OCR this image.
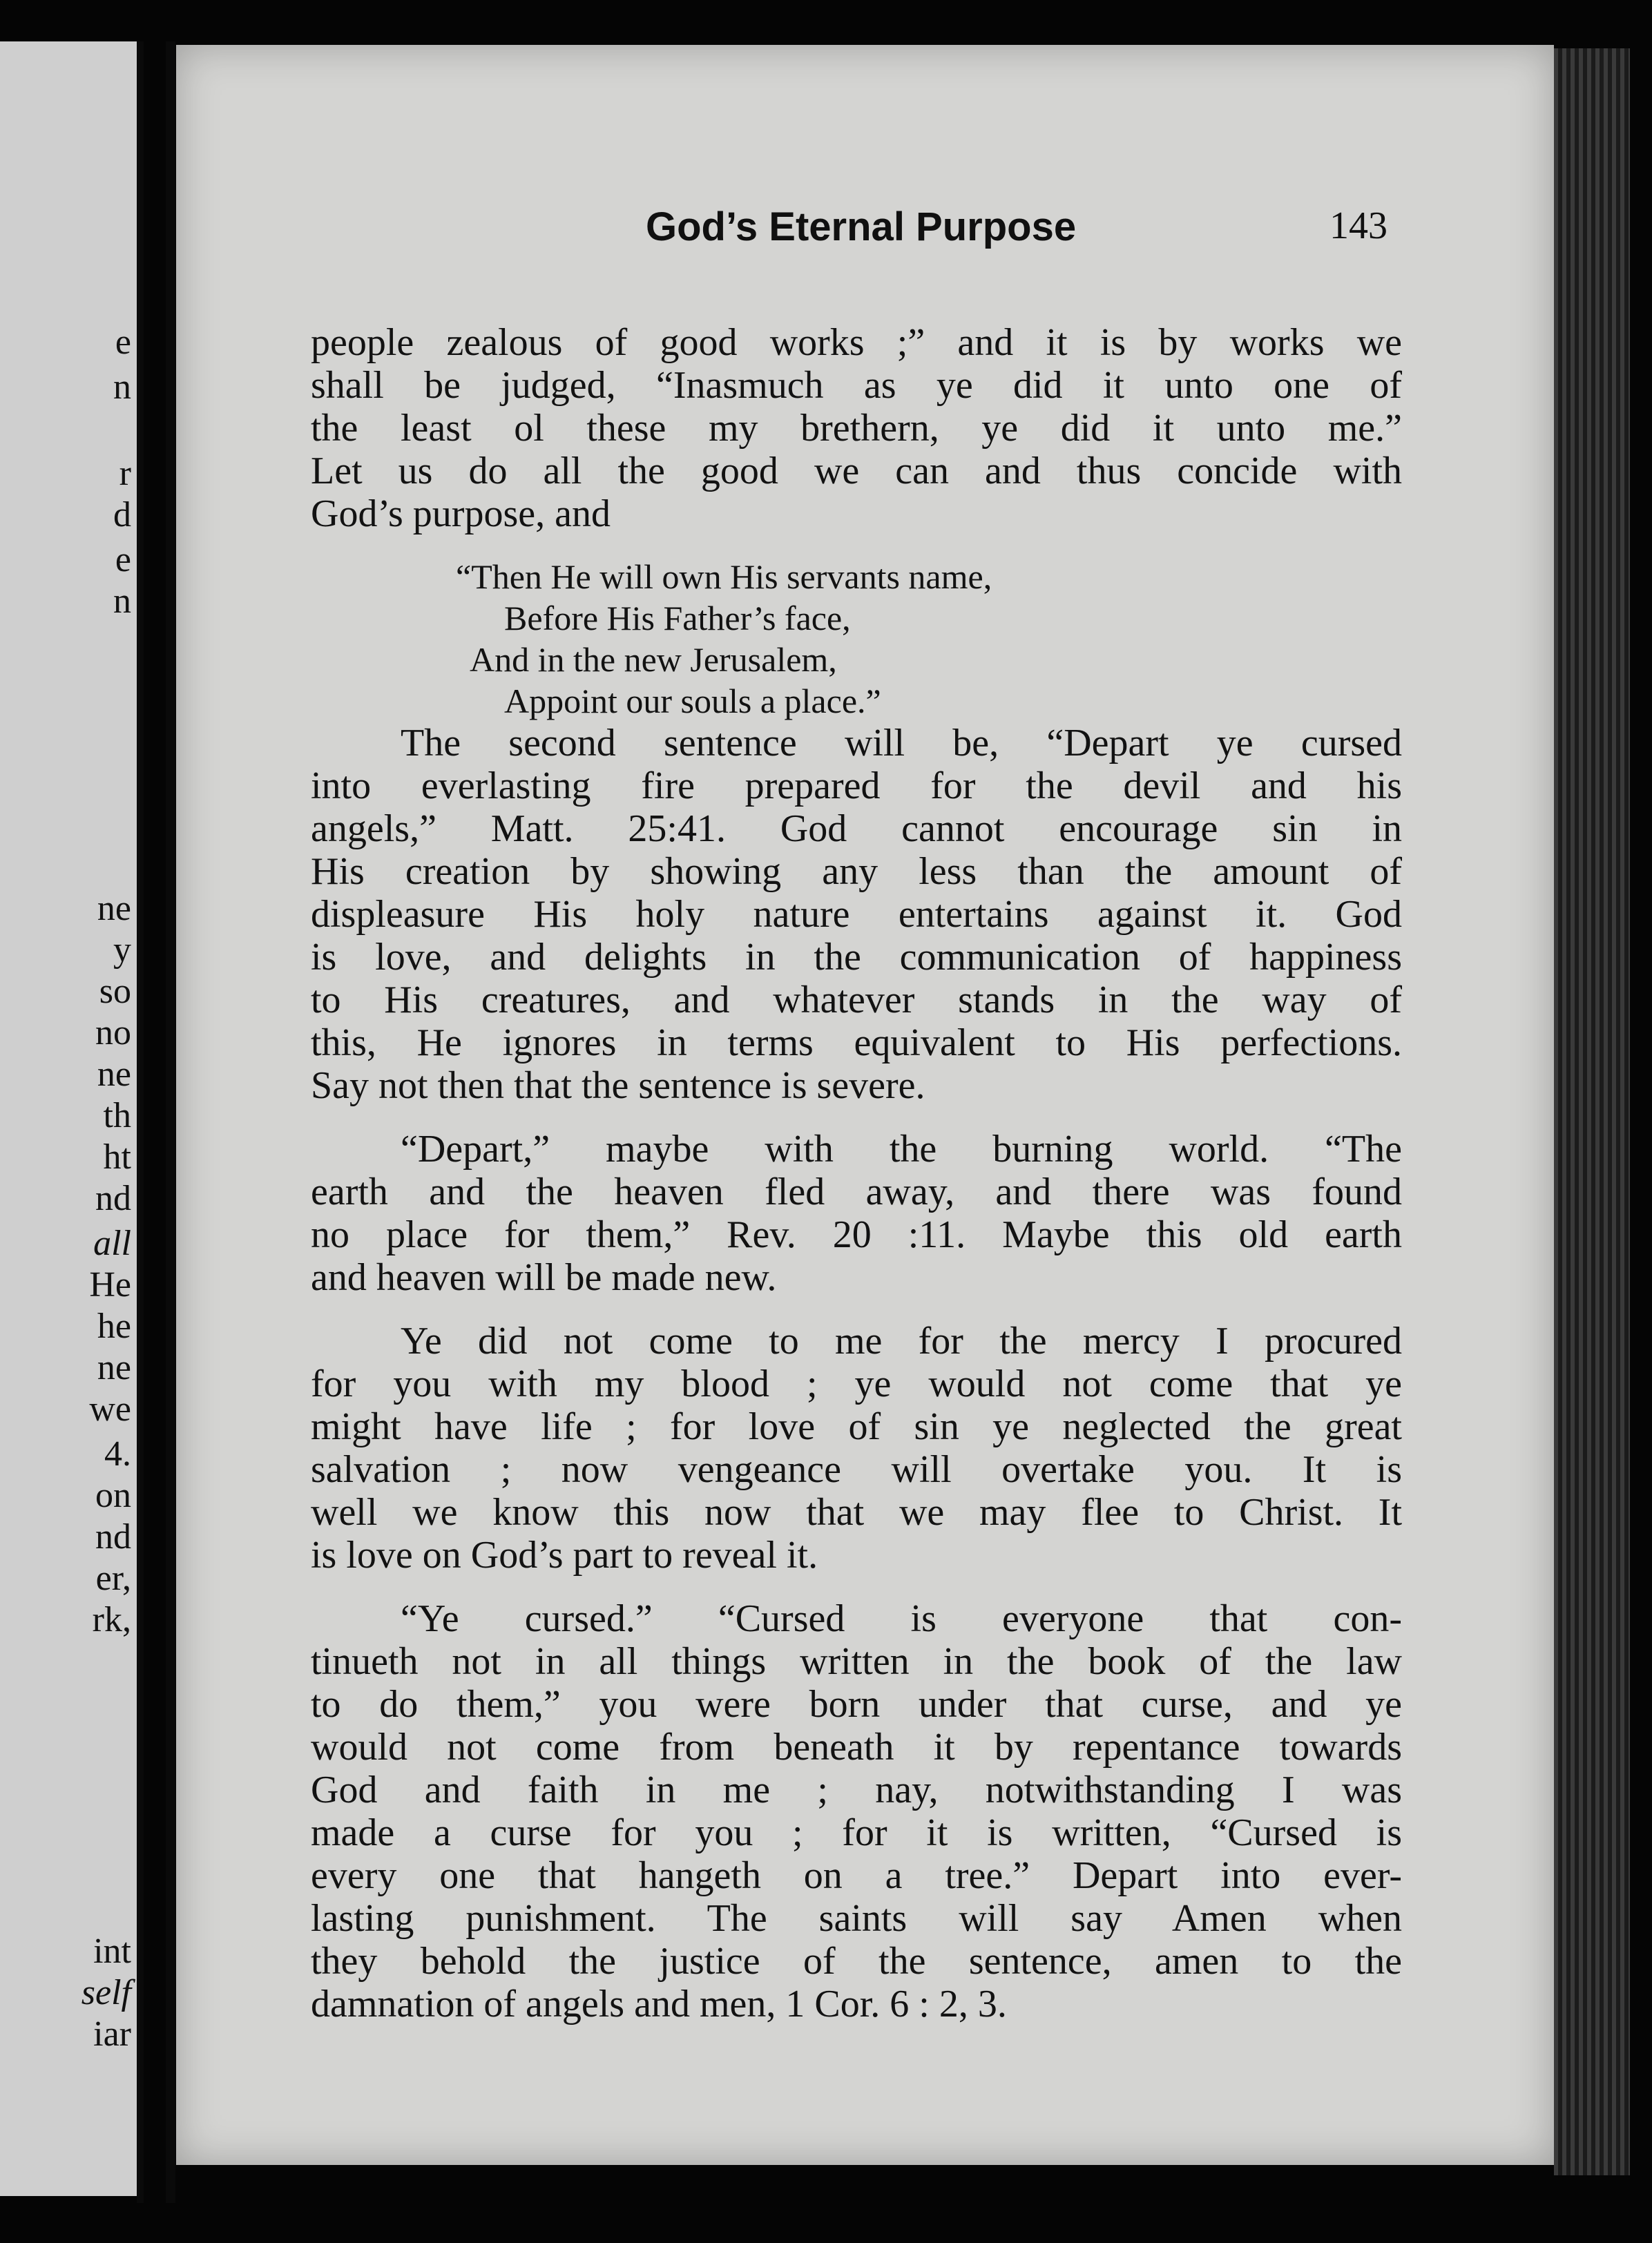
e
n
r
d
e
n
ne
y
so
no
ne
th
ht
nd
all
He
he
ne
we
4.
on
nd
er,
rk,
int
self
iar
God’s Eternal Purpose	143
people zealous of good works ;” and it is by works we
shall be judged, “Inasmuch as ye did it unto one of
the least ol these my brethern, ye did it unto me.”
Let us do all the good we can and thus concide with
God’s purpose, and
“Then He will own His servants name,
Before His Father’s face,
And in the new Jerusalem,
Appoint our souls a place.”
The second sentence will be, “Depart ye cursed
into everlasting fire prepared for the devil and his
angels,” Matt. 25:41. God cannot encourage sin in
His creation by showing any less than the amount of
displeasure His holy nature entertains against it. God
is love, and delights in the communication of happiness
to His creatures, and whatever stands in the way of
this, He ignores in terms equivalent to His perfections.
Say not then that the sentence is severe.
“Depart,” maybe with the burning world. “The
earth and the heaven fled away, and there was found
no place for them,” Rev. 20 :11. Maybe this old earth
and heaven will be made new.
Ye did not come to me for the mercy I procured
for you with my blood ; ye would not come that ye
might have life ; for love of sin ye neglected the great
salvation ; now vengeance will overtake you. It is
well we know this now that we may flee to Christ. It
is love on God’s part to reveal it.
“Ye cursed.” “Cursed is everyone that con-
tinueth not in all things written in the book of the law
to do them,” you were born under that curse, and ye
would not come from beneath it by repentance towards
God and faith in me ; nay, notwithstanding I was
made a curse for you ; for it is written, “Cursed is
every one that hangeth on a tree.” Depart into ever-
lasting punishment. The saints will say Amen when
they behold the justice of the sentence, amen to the
damnation of angels and men, 1 Cor. 6 : 2, 3.
